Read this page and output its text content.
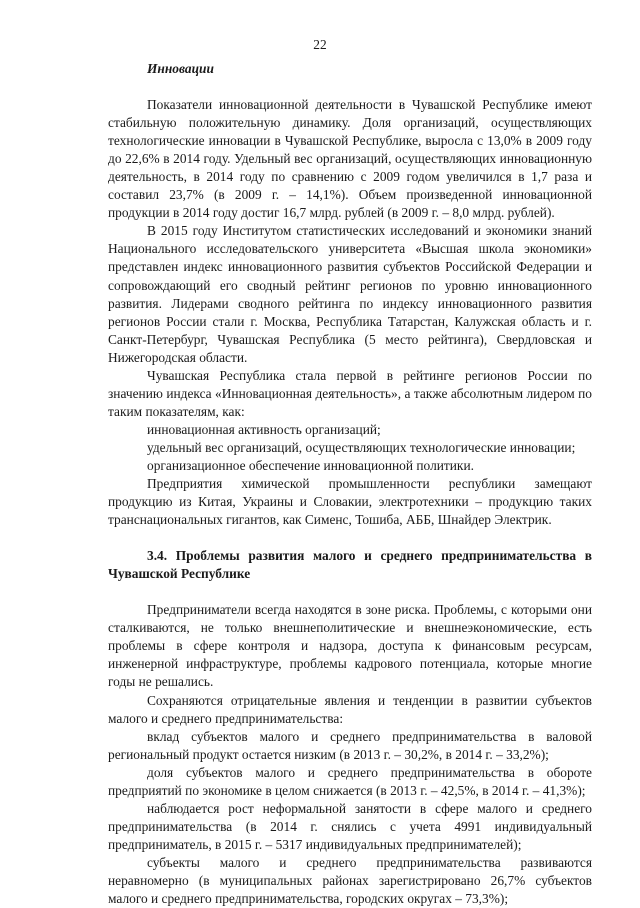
22

Инновации

Показатели инновационной деятельности в Чувашской Республике имеют стабильную положительную динамику. Доля организаций, осуществляющих технологические инновации в Чувашской Республике, выросла с 13,0% в 2009 году до 22,6% в 2014 году. Удельный вес организаций, осуществляющих инновационную деятельность, в 2014 году по сравнению с 2009 годом увеличился в 1,7 раза и составил 23,7% (в 2009 г. – 14,1%). Объем произведенной инновационной продукции в 2014 году достиг 16,7 млрд. рублей (в 2009 г. – 8,0 млрд. рублей).

В 2015 году Институтом статистических исследований и экономики знаний Национального исследовательского университета «Высшая школа экономики» представлен индекс инновационного развития субъектов Российской Федерации и сопровождающий его сводный рейтинг регионов по уровню инновационного развития. Лидерами сводного рейтинга по индексу инновационного развития регионов России стали г. Москва, Республика Татарстан, Калужская область и г. Санкт-Петербург, Чувашская Республика (5 место рейтинга), Свердловская и Нижегородская области.

Чувашская Республика стала первой в рейтинге регионов России по значению индекса «Инновационная деятельность», а также абсолютным лидером по таким показателям, как:

инновационная активность организаций;

удельный вес организаций, осуществляющих технологические инновации;

организационное обеспечение инновационной политики.

Предприятия химической промышленности республики замещают продукцию из Китая, Украины и Словакии, электротехники – продукцию таких транснациональных гигантов, как Сименс, Тошиба, АББ, Шнайдер Электрик.

3.4. Проблемы развития малого и среднего предпринимательства в Чувашской Республике

Предприниматели всегда находятся в зоне риска. Проблемы, с которыми они сталкиваются, не только внешнеполитические и внешнеэкономические, есть проблемы в сфере контроля и надзора, доступа к финансовым ресурсам, инженерной инфраструктуре, проблемы кадрового потенциала, которые многие годы не решались.

Сохраняются отрицательные явления и тенденции в развитии субъектов малого и среднего предпринимательства:

вклад субъектов малого и среднего предпринимательства в валовой региональный продукт остается низким (в 2013 г. – 30,2%, в 2014 г. – 33,2%);

доля субъектов малого и среднего предпринимательства в обороте предприятий по экономике в целом снижается (в 2013 г. – 42,5%, в 2014 г. – 41,3%);

наблюдается рост неформальной занятости в сфере малого и среднего предпринимательства (в 2014 г. снялись с учета 4991 индивидуальный предприниматель, в 2015 г. – 5317 индивидуальных предпринимателей);

субъекты малого и среднего предпринимательства развиваются неравномерно (в муниципальных районах зарегистрировано 26,7% субъектов малого и среднего предпринимательства, городских округах – 73,3%);
